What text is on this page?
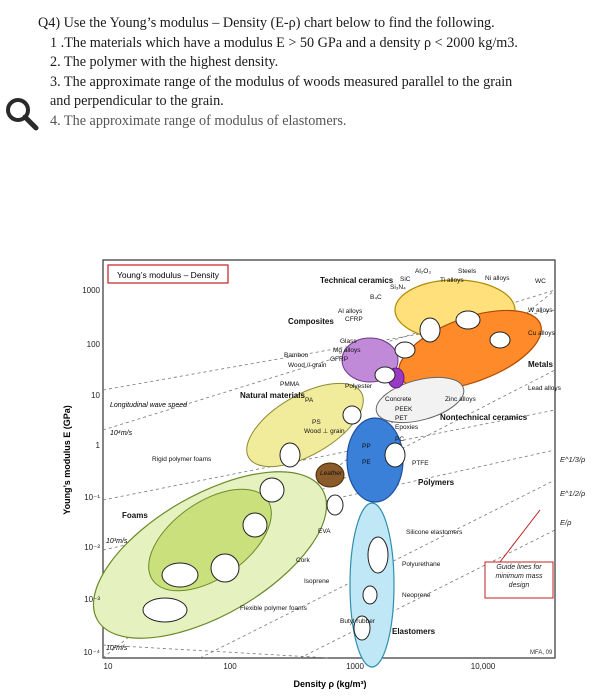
Q4) Use the Young’s modulus – Density (E-ρ) chart below to find the following.
1 .The materials which have a modulus E > 50 GPa and a density ρ < 2000 kg/m3.
2. The polymer with the highest density.
3. The approximate range of the modulus of woods measured parallel to the grain
and perpendicular to the grain.
4. The approximate range of modulus of elastomers.
1000
100
10
1
10⁻¹
10⁻²
10⁻³
10⁻⁴
10	100	1000	10,000
Density ρ (kg/m³)
Young’s modulus E (GPa)
Young’s modulus – Density
Longitudinal wave speed
10⁴m/s
10³m/s
10²m/s
Technical ceramics
Composites
Natural materials
Metals
Nontechnical ceramics
Polymers
Foams
Elastomers
Al₂O₃
SiC
Si₃N₄
B₄C
Steels
Ti alloys	Ni alloys	WC
W alloys
Cu alloys
Lead alloys
Al alloys
CFRP
Glass
Mg alloys
GFRP
Bamboo
Wood // grain
PMMA
PA
Polyester
Concrete	Zinc alloys
PEEK
PET
Epoxies
PC
PS
Wood ⊥ grain
PP
PE	PTFE
Leather
EVA	Silicone elastomers
Polyurethane
Cork
Isoprene
Neoprene
Butyl rubber
Rigid polymer foams
Flexible polymer foams
E^1/3/ρ
E^1/2/ρ
E/ρ
Guide lines for minimum mass design
MFA, 09
